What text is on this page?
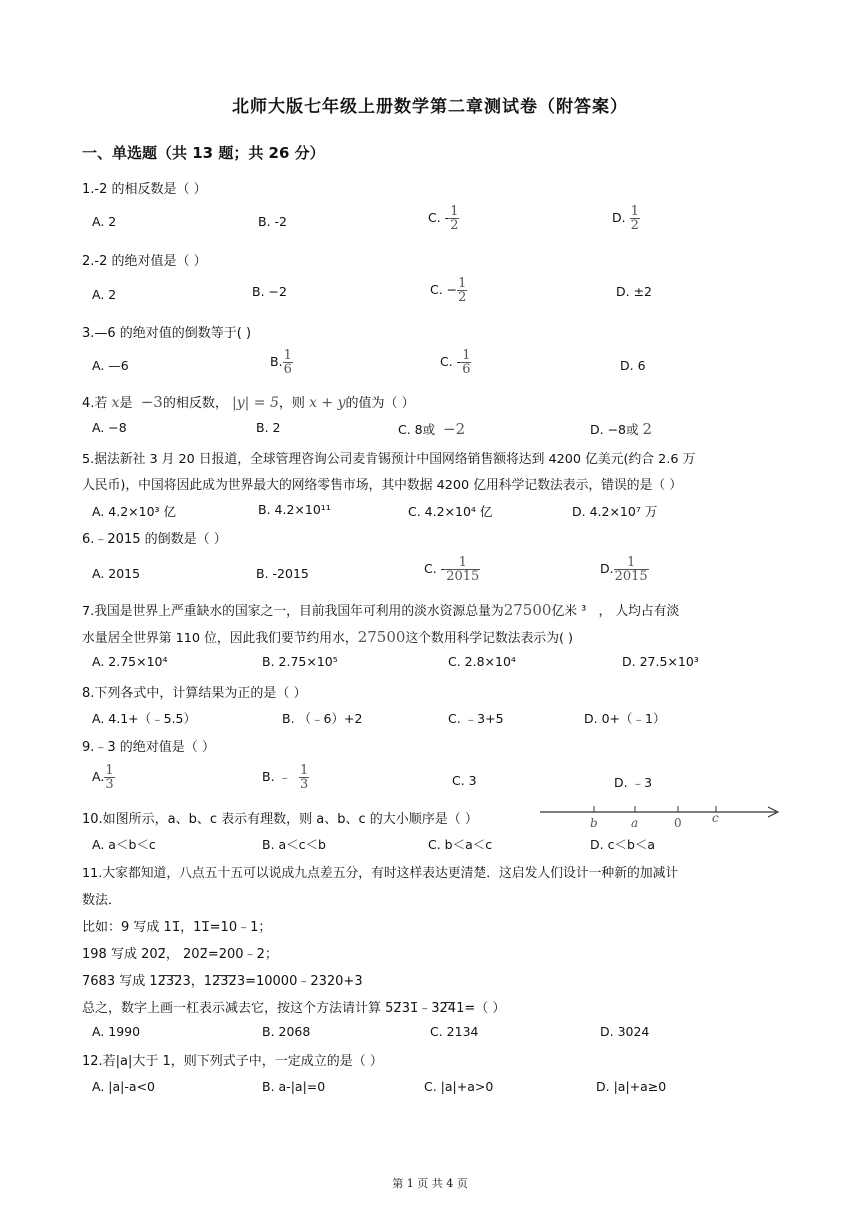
北师大版七年级上册数学第二章测试卷（附答案）
一、单选题（共 13 题；共 26 分）
1.-2 的相反数是（ ）
A. 2	B. -2	C. - $\frac{1}{2}$	D. $\frac{1}{2}$
2.-2 的绝对值是（ ）
A. 2	B. −2	C. − $\frac{1}{2}$	D. ±2
3.—6 的绝对值的倒数等于( )
A. —6	B. $\frac{1}{6}$	C. - $\frac{1}{6}$	D. 6
4.若 x是 −3的相反数， |y| = 5，则 x + y的值为（ ）
A. −8	B. 2	C. 8或 −2	D. −8或 2
5.据法新社 3 月 20 日报道，全球管理咨询公司麦肯锡预计中国网络销售额将达到 4200 亿美元(约合 2.6 万
人民币)，中国将因此成为世界最大的网络零售市场，其中数据 4200 亿用科学记数法表示，错误的是（ ）
A. 4.2×10³ 亿	B. 4.2×10¹¹	C. 4.2×10⁴ 亿	D. 4.2×10⁷ 万
6.﹣2015 的倒数是（ ）
A. 2015	B. -2015	C. - $\frac{1}{2015}$	D. $\frac{1}{2015}$
7.我国是世界上严重缺水的国家之一，目前我国年可利用的淡水资源总量为27500亿米 ³ ， 人均占有淡
水量居全世界第 110 位，因此我们要节约用水，27500这个数用科学记数法表示为( )
A. 2.75×10⁴	B. 2.75×10⁵	C. 2.8×10⁴	D. 27.5×10³
8.下列各式中，计算结果为正的是（ ）
A. 4.1+（﹣5.5）	B. （﹣6）+2	C. ﹣3+5	D. 0+（﹣1）
9.﹣3 的绝对值是（ ）
A. $\frac{1}{3}$	B. ﹣ $\frac{1}{3}$	C. 3	D. ﹣3
10.如图所示，a、b、c 表示有理数，则 a、b、c 的大小顺序是（ ）	b	a	0	c
A. a＜b＜c	B. a＜c＜b	C. b＜a＜c	D. c＜b＜a
11.大家都知道，八点五十五可以说成九点差五分，有时这样表达更清楚．这启发人们设计一种新的加减计
数法．
比如：9 写成 11，11=10﹣1；
198 写成 202， 202=200﹣2；
7683 写成 12323，12323=10000﹣2320+3
总之，数字上画一杠表示减去它，按这个方法请计算 5231﹣3241=（ ）
A. 1990	B. 2068	C. 2134	D. 3024
12.若|a|大于 1，则下列式子中，一定成立的是（ ）
A. |a|-a<0	B. a-|a|=0	C. |a|+a>0	D. |a|+a≥0
第 1 页 共 4 页
